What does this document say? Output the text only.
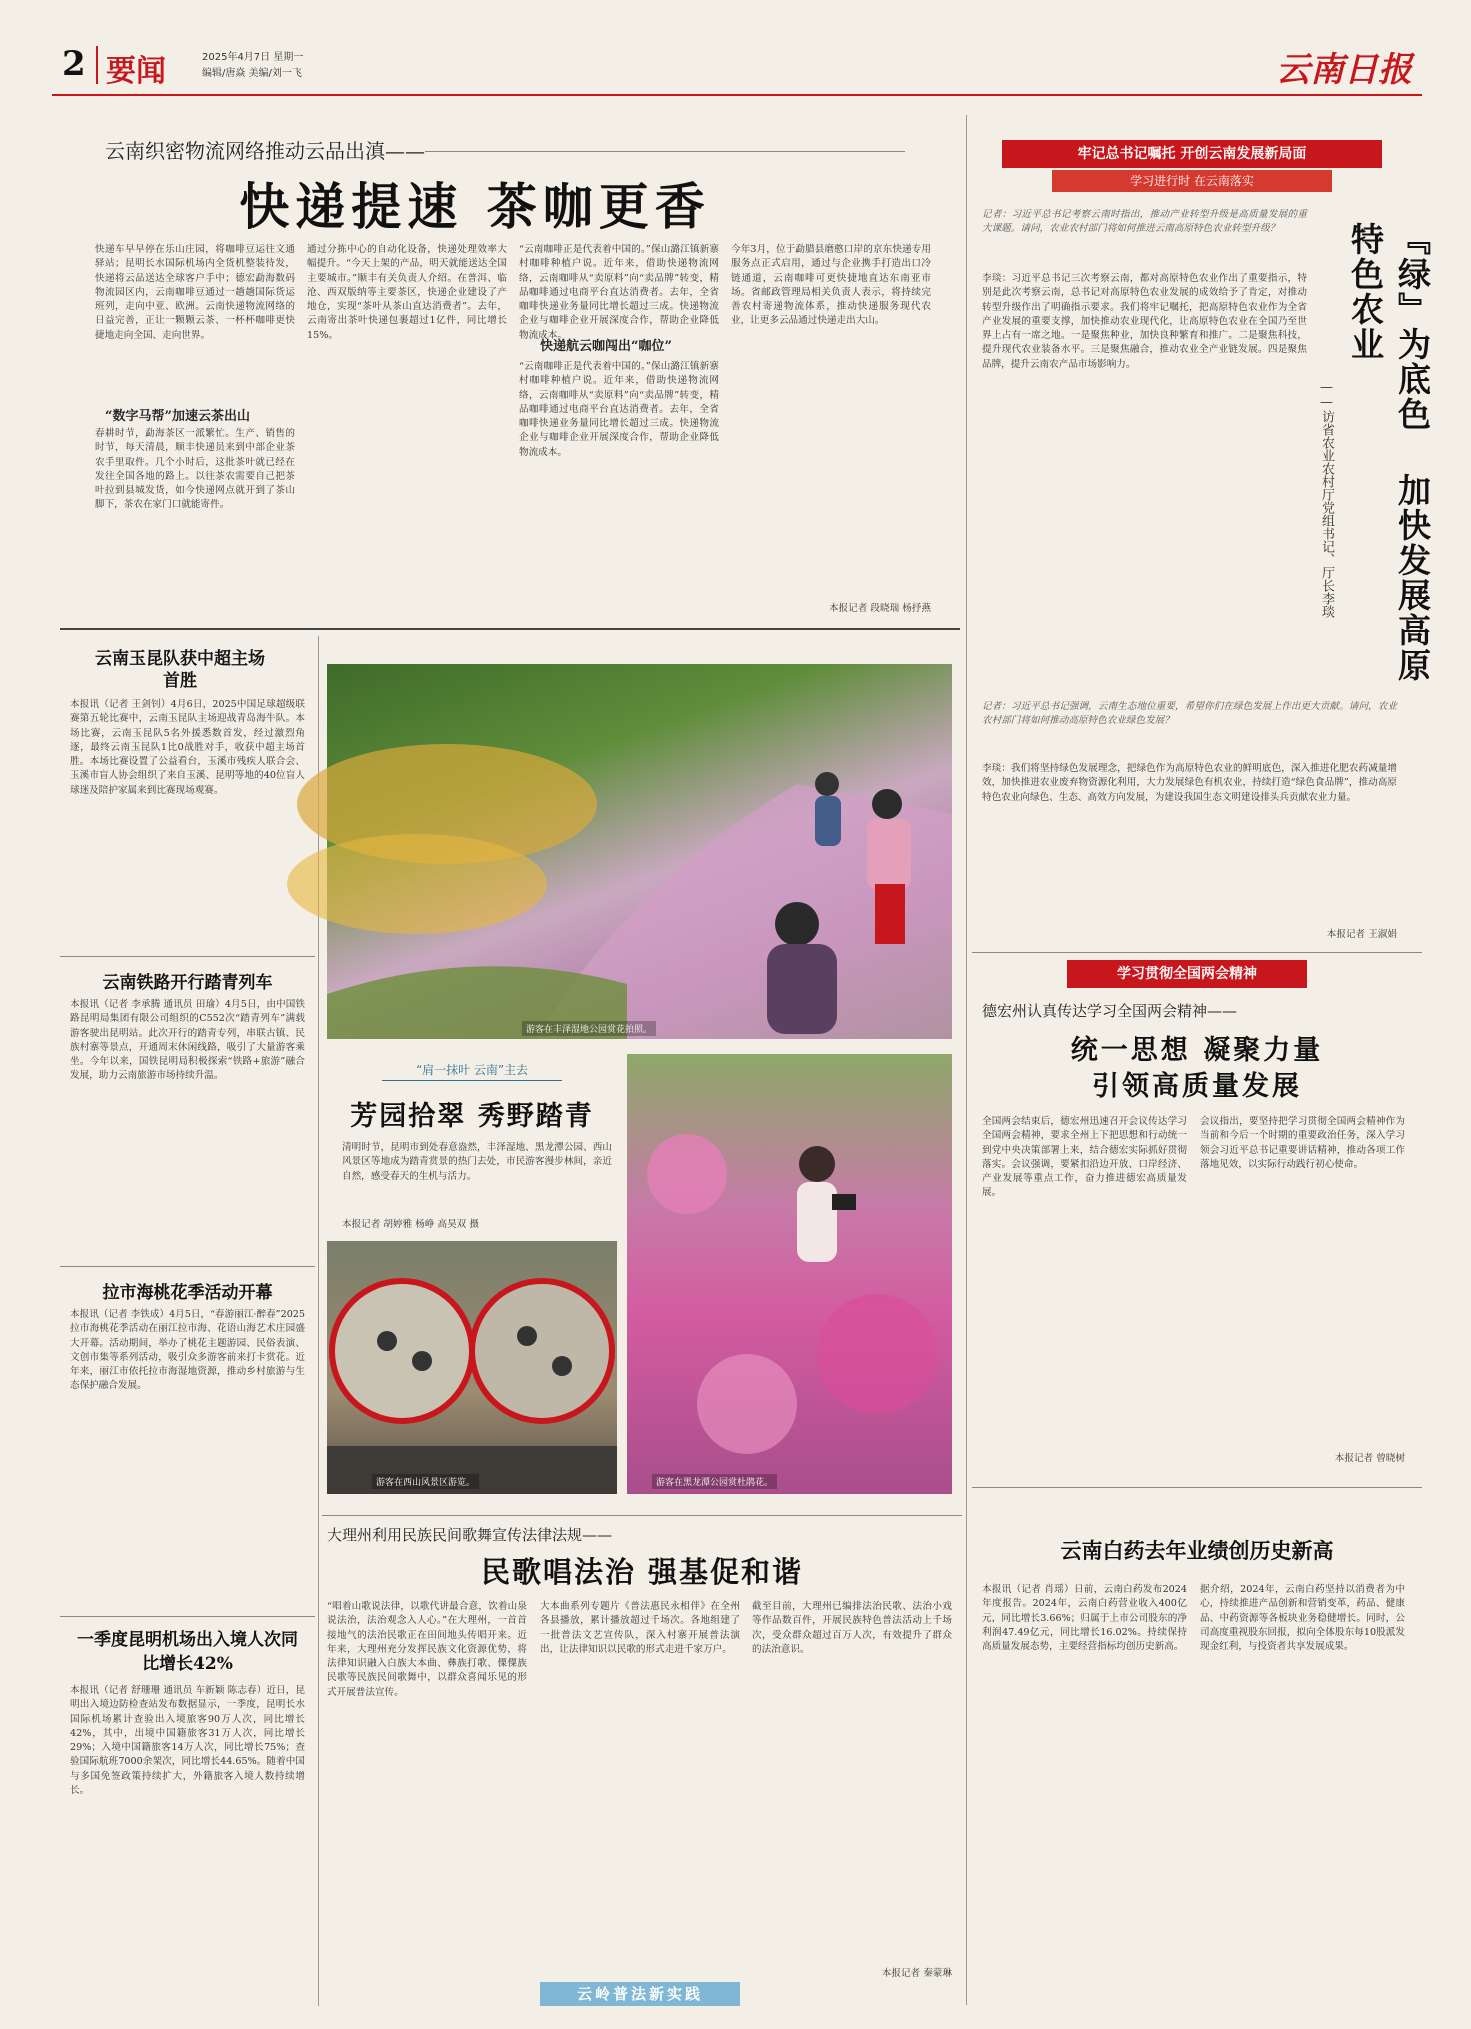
2 要闻	2025年4月7日 星期一
编辑/唐焱 美编/刘一飞	云南日报
云南织密物流网络推动云品出滇——
快递提速 茶咖更香
快递车早早停在乐山庄园，将咖啡豆运往文通驿站；昆明长水国际机场内全货机整装待发，快递将云品送达全球客户手中；德宏勐海数码物流园区内，云南咖啡豆通过一趟趟国际货运班列，走向中亚、欧洲。云南快递物流网络的日益完善，正让一颗颗云茶、一杯杯咖啡更快捷地走向全国、走向世界。
“数字马帮”加速云茶出山
春耕时节，勐海茶区一派繁忙。生产、销售的时节，每天清晨，顺丰快递员来到中部企业茶农手里取件。几个小时后，这批茶叶就已经在发往全国各地的路上。以往茶农需要自己把茶叶拉到县城发货，如今快递网点就开到了茶山脚下，茶农在家门口就能寄件。
通过分拣中心的自动化设备，快递处理效率大幅提升。“今天上架的产品，明天就能送达全国主要城市。”顺丰有关负责人介绍。在普洱、临沧、西双版纳等主要茶区，快递企业建设了产地仓，实现“茶叶从茶山直达消费者”。去年，云南寄出茶叶快递包裹超过1亿件，同比增长15%。
“云南咖啡正是代表着中国的。”保山潞江镇新寨村咖啡种植户说。近年来，借助快递物流网络，云南咖啡从“卖原料”向“卖品牌”转变，精品咖啡通过电商平台直达消费者。去年，全省咖啡快递业务量同比增长超过三成。快递物流企业与咖啡企业开展深度合作，帮助企业降低物流成本。
快递航云咖闯出“咖位”
“云南咖啡正是代表着中国的。”保山潞江镇新寨村咖啡种植户说。近年来，借助快递物流网络，云南咖啡从“卖原料”向“卖品牌”转变，精品咖啡通过电商平台直达消费者。去年，全省咖啡快递业务量同比增长超过三成。快递物流企业与咖啡企业开展深度合作，帮助企业降低物流成本。
今年3月，位于勐腊县磨憨口岸的京东快递专用服务点正式启用，通过与企业携手打造出口冷链通道，云南咖啡可更快捷地直达东南亚市场。省邮政管理局相关负责人表示，将持续完善农村寄递物流体系，推动快递服务现代农业，让更多云品通过快递走出大山。
本报记者 段晓瑞 杨抒燕
云南玉昆队获中超主场首胜
本报讯（记者 王剑钊）4月6日，2025中国足球超级联赛第五轮比赛中，云南玉昆队主场迎战青岛海牛队。本场比赛，云南玉昆队5名外援悉数首发，经过激烈角逐，最终云南玉昆队1比0战胜对手，收获中超主场首胜。本场比赛设置了公益看台，玉溪市残疾人联合会、玉溪市盲人协会组织了来自玉溪、昆明等地的40位盲人球迷及陪护家属来到比赛现场观赛。
云南铁路开行踏青列车
本报讯（记者 李承腾 通讯员 田瑜）4月5日，由中国铁路昆明局集团有限公司组织的C552次“踏青列车”满载游客驶出昆明站。此次开行的踏青专列，串联古镇、民族村寨等景点，开通周末休闲线路，吸引了大量游客乘坐。今年以来，国铁昆明局积极探索“铁路+旅游”融合发展，助力云南旅游市场持续升温。
拉市海桃花季活动开幕
本报讯（记者 李铁成）4月5日，“春游丽江·醉春”2025拉市海桃花季活动在丽江拉市海、花语山海艺术庄园盛大开幕。活动期间，举办了桃花主题游园、民俗表演、文创市集等系列活动，吸引众多游客前来打卡赏花。近年来，丽江市依托拉市海湿地资源，推动乡村旅游与生态保护融合发展。
一季度昆明机场出入境人次同比增长42%
本报讯（记者 舒珊珊 通讯员 车新颖 陈志春）近日，昆明出入境边防检查站发布数据显示，一季度，昆明长水国际机场累计查验出入境旅客90万人次，同比增长42%，其中，出境中国籍旅客31万人次，同比增长29%；入境中国籍旅客14万人次，同比增长75%；查验国际航班7000余架次，同比增长44.65%。随着中国与多国免签政策持续扩大，外籍旅客入境人数持续增长。
游客在丰泽湿地公园赏花拍照。
“肩一抹叶 云南”主去
芳园拾翠 秀野踏青
清明时节，昆明市到处春意盎然，丰泽湿地、黑龙潭公园、西山风景区等地成为踏青赏景的热门去处，市民游客漫步林间，亲近自然，感受春天的生机与活力。
本报记者 胡婷雅 杨峥 高昊双 摄
游客在黑龙潭公园赏杜鹃花。
游客在西山风景区游览。
大理州利用民族民间歌舞宣传法律法规——
民歌唱法治 强基促和谐
“唱着山歌说法律，以歌代讲最合意，饮着山泉说法治，法治观念入人心。”在大理州，一首首接地气的法治民歌正在田间地头传唱开来。近年来，大理州充分发挥民族文化资源优势，将法律知识融入白族大本曲、彝族打歌、傈僳族民歌等民族民间歌舞中，以群众喜闻乐见的形式开展普法宣传。
大本曲系列专题片《普法惠民永相伴》在全州各县播放，累计播放超过千场次。各地组建了一批普法文艺宣传队，深入村寨开展普法演出，让法律知识以民歌的形式走进千家万户。
截至目前，大理州已编排法治民歌、法治小戏等作品数百件，开展民族特色普法活动上千场次，受众群众超过百万人次，有效提升了群众的法治意识。
本报记者 秦蒙琳
云岭普法新实践
牢记总书记嘱托 开创云南发展新局面
学习进行时 在云南落实
记者：习近平总书记考察云南时指出，推动产业转型升级是高质量发展的重大课题。请问，农业农村部门将如何推进云南高原特色农业转型升级？
李琰：习近平总书记三次考察云南，都对高原特色农业作出了重要指示，特别是此次考察云南，总书记对高原特色农业发展的成效给予了肯定，对推动转型升级作出了明确指示要求。我们将牢记嘱托，把高原特色农业作为全省产业发展的重要支撑，加快推动农业现代化，让高原特色农业在全国乃至世界上占有一席之地。一是聚焦种业，加快良种繁育和推广。二是聚焦科技，提升现代农业装备水平。三是聚焦融合，推动农业全产业链发展。四是聚焦品牌，提升云南农产品市场影响力。
记者：习近平总书记强调，云南生态地位重要，希望你们在绿色发展上作出更大贡献。请问，农业农村部门将如何推动高原特色农业绿色发展？
李琰：我们将坚持绿色发展理念，把绿色作为高原特色农业的鲜明底色，深入推进化肥农药减量增效，加快推进农业废弃物资源化利用，大力发展绿色有机农业，持续打造“绿色食品牌”，推动高原特色农业向绿色、生态、高效方向发展，为建设我国生态文明建设排头兵贡献农业力量。
本报记者 王淑娟
『绿』为底色 加快发展高原特色农业
——访省农业农村厅党组书记、厅长李琰
学习贯彻全国两会精神
德宏州认真传达学习全国两会精神——
统一思想 凝聚力量
引领高质量发展
全国两会结束后，德宏州迅速召开会议传达学习全国两会精神，要求全州上下把思想和行动统一到党中央决策部署上来，结合德宏实际抓好贯彻落实。会议强调，要紧扣沿边开放、口岸经济、产业发展等重点工作，奋力推进德宏高质量发展。
会议指出，要坚持把学习贯彻全国两会精神作为当前和今后一个时期的重要政治任务，深入学习领会习近平总书记重要讲话精神，推动各项工作落地见效，以实际行动践行初心使命。
本报记者 曾晓树
云南白药去年业绩创历史新高
本报讯（记者 肖瑶）日前，云南白药发布2024年度报告。2024年，云南白药营业收入400亿元，同比增长3.66%；归属于上市公司股东的净利润47.49亿元，同比增长16.02%。持续保持高质量发展态势，主要经营指标均创历史新高。
据介绍，2024年，云南白药坚持以消费者为中心，持续推进产品创新和营销变革，药品、健康品、中药资源等各板块业务稳健增长。同时，公司高度重视股东回报，拟向全体股东每10股派发现金红利，与投资者共享发展成果。
